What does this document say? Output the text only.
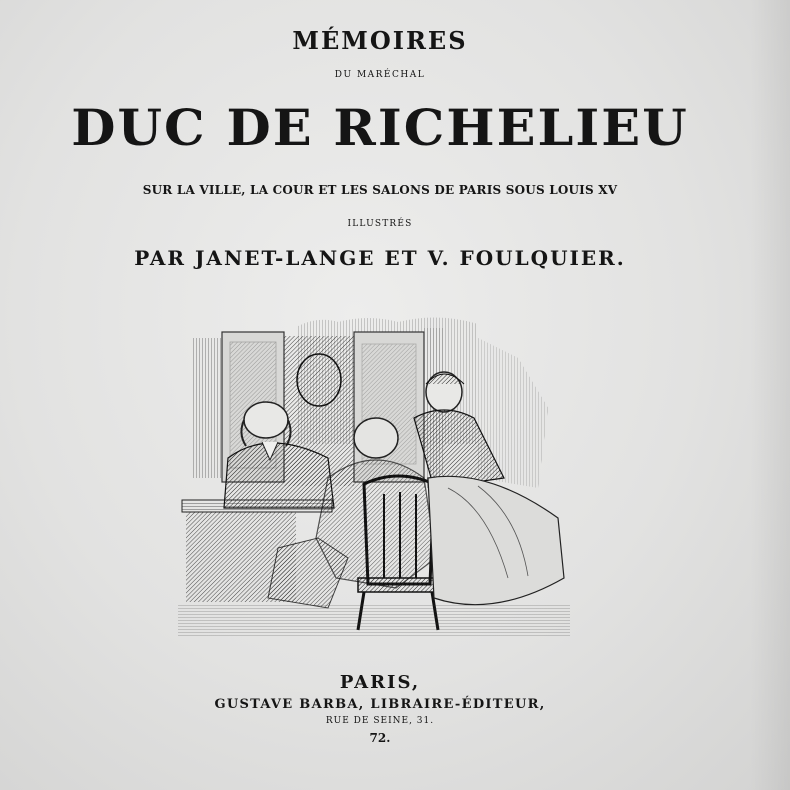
MÉMOIRES
DU MARÉCHAL
DUC DE RICHELIEU
SUR LA VILLE, LA COUR ET LES SALONS DE PARIS SOUS LOUIS XV
ILLUSTRÉS
PAR JANET-LANGE ET V. FOULQUIER.
PARIS,
GUSTAVE BARBA, LIBRAIRE-ÉDITEUR,
RUE DE SEINE, 31.
72.
